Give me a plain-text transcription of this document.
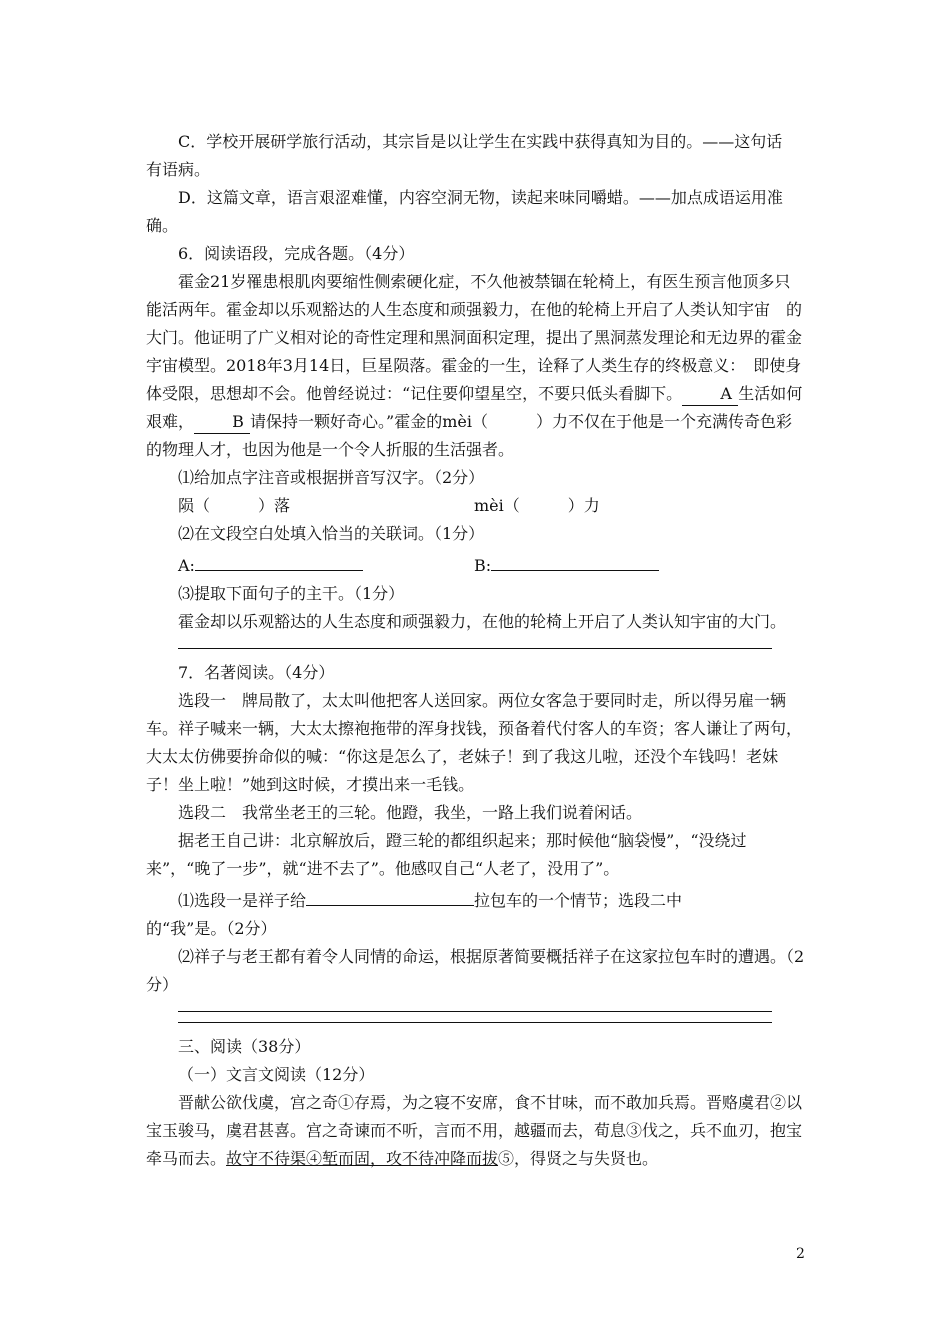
C．学校开展研学旅行活动，其宗旨是以让学生在实践中获得真知为目的。——这句话

有语病。

D．这篇文章，语言艰涩难懂，内容空洞无物，读起来味同嚼蜡。——加点成语运用准

确。

6．阅读语段，完成各题。（4分）

霍金21岁罹患根肌肉要缩性侧索硬化症，不久他被禁锢在轮椅上，有医生预言他顶多只能活两年。霍金却以乐观豁达的人生态度和顽强毅力，在他的轮椅上开启了人类认知宇宙　的大门。他证明了广义相对论的奇性定理和黑洞面积定理，提出了黑洞蒸发理论和无边界的霍金宇宙模型。2018年3月14日，巨星陨落。霍金的一生，诠释了人类生存的终极意义：　即使身体受限，思想却不会。他曾经说过：“记住要仰望星空，不要只低头看脚下。 A 生活如何艰难， B 请保持一颗好奇心。”霍金的mèi（　　　）力不仅在于他是一个充满传奇色彩的物理人才，也因为他是一个令人折服的生活强者。

⑴给加点字注音或根据拼音写汉字。（2分）

陨（　　　）落	mèi（　　　）力

⑵在文段空白处填入恰当的关联词。（1分）

A:	B:

⑶提取下面句子的主干。（1分）

霍金却以乐观豁达的人生态度和顽强毅力，在他的轮椅上开启了人类认知宇宙的大门。

7．名著阅读。（4分）

选段一　牌局散了，太太叫他把客人送回家。两位女客急于要同时走，所以得另雇一辆车。祥子喊来一辆，大太太擦袍拖带的浑身找钱，预备着代付客人的车资；客人谦让了两句，大太太仿佛要拚命似的喊：“你这是怎么了，老妹子！到了我这儿啦，还没个车钱吗！老妹子！坐上啦！”她到这时候，才摸出来一毛钱。

选段二　我常坐老王的三轮。他蹬，我坐，一路上我们说着闲话。

据老王自己讲：北京解放后，蹬三轮的都组织起来；那时候他“脑袋慢”，“没绕过来”，“晚了一步”，就“进不去了”。他感叹自己“人老了，没用了”。

⑴选段一是祥子给	拉包车的一个情节；选段二中的“我”是。（2分）

⑵祥子与老王都有着令人同情的命运，根据原著简要概括祥子在这家拉包车时的遭遇。（2分）

三、阅读（38分）

（一）文言文阅读（12分）

晋献公欲伐虞，宫之奇①存焉，为之寝不安席，食不甘味，而不敢加兵焉。晋赂虞君②以宝玉骏马，虞君甚喜。宫之奇谏而不听，言而不用，越疆而去，荀息③伐之，兵不血刃，抱宝牵马而去。故守不待渠④堑而固，攻不待冲降而拔⑤，得贤之与失贤也。

2
